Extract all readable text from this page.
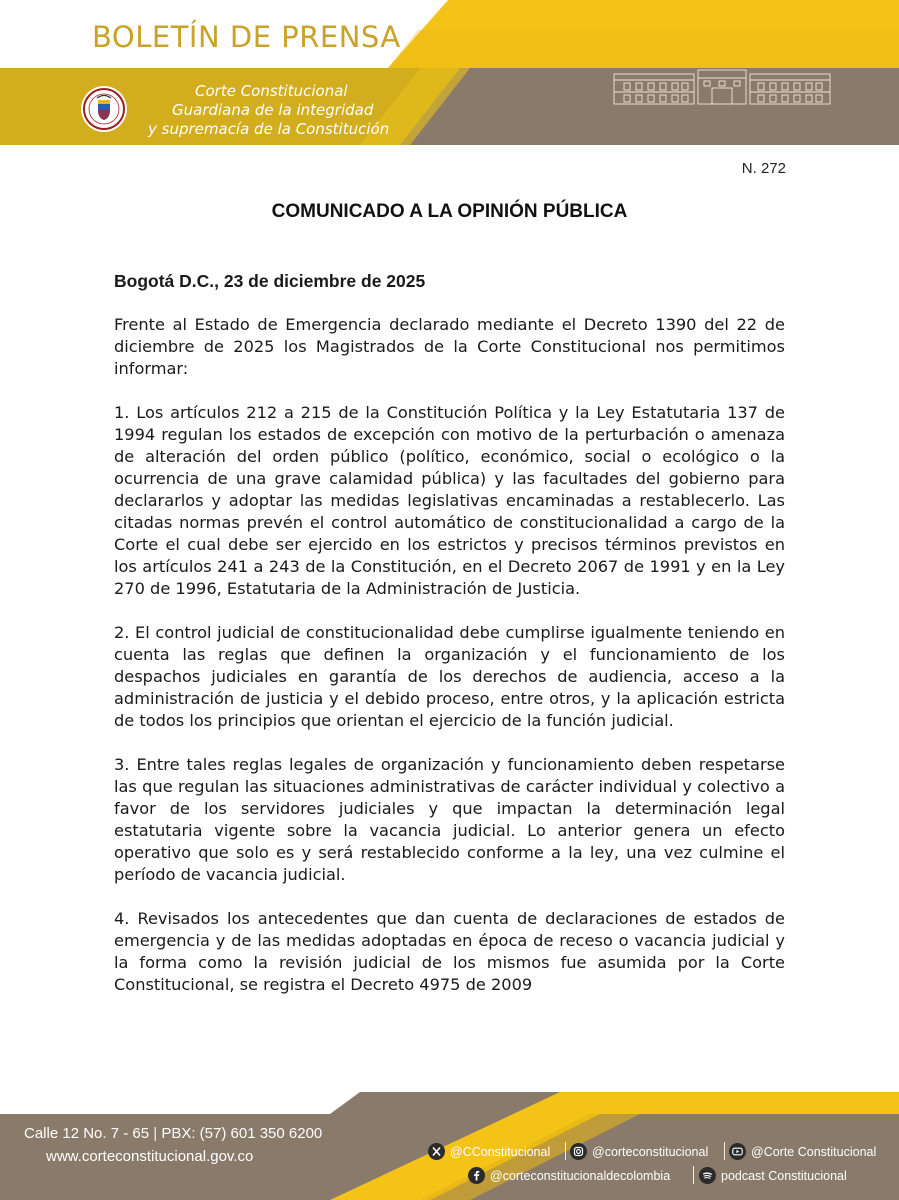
BOLETÍN DE PRENSA
Corte Constitucional
Guardiana de la integridad
y supremacía de la Constitución
N. 272
COMUNICADO A LA OPINIÓN PÚBLICA

Bogotá D.C., 23 de diciembre de 2025

Frente al Estado de Emergencia declarado mediante el Decreto 1390 del 22 de diciembre de 2025 los Magistrados de la Corte Constitucional nos permitimos informar:

1. Los artículos 212 a 215 de la Constitución Política y la Ley Estatutaria 137 de 1994 regulan los estados de excepción con motivo de la perturbación o amenaza de alteración del orden público (político, económico, social o ecológico o la ocurrencia de una grave calamidad pública) y las facultades del gobierno para declararlos y adoptar las medidas legislativas encaminadas a restablecerlo. Las citadas normas prevén el control automático de constitucionalidad a cargo de la Corte el cual debe ser ejercido en los estrictos y precisos términos previstos en los artículos 241 a 243 de la Constitución, en el Decreto 2067 de 1991 y en la Ley 270 de 1996, Estatutaria de la Administración de Justicia.

2. El control judicial de constitucionalidad debe cumplirse igualmente teniendo en cuenta las reglas que definen la organización y el funcionamiento de los despachos judiciales en garantía de los derechos de audiencia, acceso a la administración de justicia y el debido proceso, entre otros, y la aplicación estricta de todos los principios que orientan el ejercicio de la función judicial.

3. Entre tales reglas legales de organización y funcionamiento deben respetarse las que regulan las situaciones administrativas de carácter individual y colectivo a favor de los servidores judiciales y que impactan la determinación legal estatutaria vigente sobre la vacancia judicial. Lo anterior genera un efecto operativo que solo es y será restablecido conforme a la ley, una vez culmine el período de vacancia judicial.

4. Revisados los antecedentes que dan cuenta de declaraciones de estados de emergencia y de las medidas adoptadas en época de receso o vacancia judicial y la forma como la revisión judicial de los mismos fue asumida por la Corte Constitucional, se registra el Decreto 4975 de 2009

Calle 12 No. 7 - 65 | PBX: (57) 601 350 6200
www.corteconstitucional.gov.co	@CConstitucional	@corteconstitucional	@Corte Constitucional
@corteconstitucionaldecolombia	podcast Constitucional
